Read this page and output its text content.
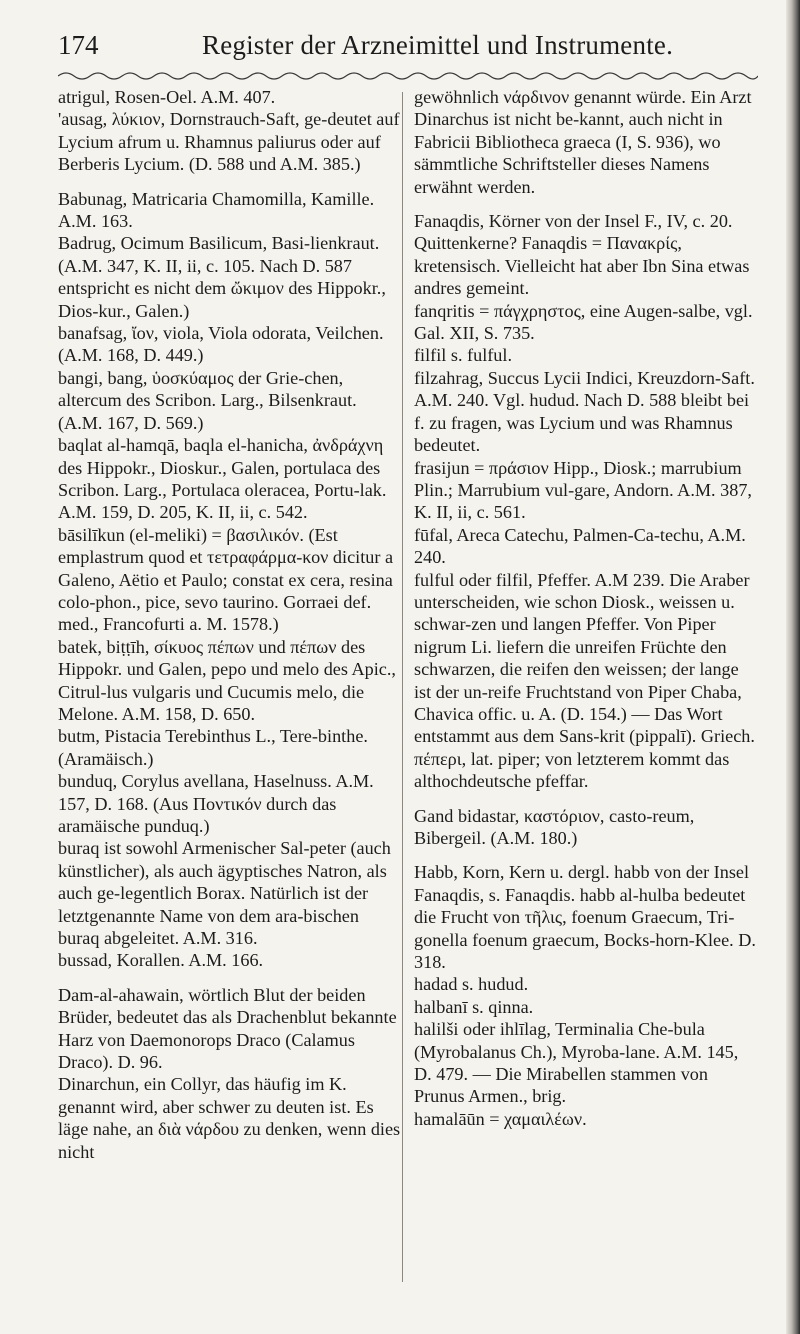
174	Register der Arzneimittel und Instrumente.

atrigul, Rosen-Oel. A.M. 407.

'ausag, λύκιον, Dornstrauch-Saft, ge-deutet auf Lycium afrum u. Rhamnus paliurus oder auf Berberis Lycium. (D. 588 und A.M. 385.)

Babunag, Matricaria Chamomilla, Kamille. A.M. 163.

Badrug, Ocimum Basilicum, Basi-lienkraut. (A.M. 347, K. II, ii, c. 105. Nach D. 587 entspricht es nicht dem ὤκιμον des Hippokr., Dios-kur., Galen.)

banafsag, ἴον, viola, Viola odorata, Veilchen. (A.M. 168, D. 449.)

bangi, bang, ὑοσκύαμος der Grie-chen, altercum des Scribon. Larg., Bilsenkraut. (A.M. 167, D. 569.)

baqlat al-hamqā, baqla el-hanicha, ἀνδράχνη des Hippokr., Dioskur., Galen, portulaca des Scribon. Larg., Portulaca oleracea, Portu-lak. A.M. 159, D. 205, K. II, ii, c. 542.

bāsilīkun (el-meliki) = βασιλικόν. (Est emplastrum quod et τετραφάρμα-κον dicitur a Galeno, Aëtio et Paulo; constat ex cera, resina colo-phon., pice, sevo taurino. Gorraei def. med., Francofurti a. M. 1578.)

batek, biṭṭīh, σίκυος πέπων und πέπων des Hippokr. und Galen, pepo und melo des Apic., Citrul-lus vulgaris und Cucumis melo, die Melone. A.M. 158, D. 650.

butm, Pistacia Terebinthus L., Tere-binthe. (Aramäisch.)

bunduq, Corylus avellana, Haselnuss. A.M. 157, D. 168. (Aus Ποντικόν durch das aramäische punduq.)

buraq ist sowohl Armenischer Sal-peter (auch künstlicher), als auch ägyptisches Natron, als auch ge-legentlich Borax. Natürlich ist der letztgenannte Name von dem ara-bischen buraq abgeleitet. A.M. 316.

bussad, Korallen. A.M. 166.

Dam-al-ahawain, wörtlich Blut der beiden Brüder, bedeutet das als Drachenblut bekannte Harz von Daemonorops Draco (Calamus Draco). D. 96.

Dinarchun, ein Collyr, das häufig im K. genannt wird, aber schwer zu deuten ist. Es läge nahe, an διὰ νάρδου zu denken, wenn dies nicht

gewöhnlich νάρδινον genannt würde. Ein Arzt Dinarchus ist nicht be-kannt, auch nicht in Fabricii Bibliotheca graeca (I, S. 936), wo sämmtliche Schriftsteller dieses Namens erwähnt werden.

Fanaqdis, Körner von der Insel F., IV, c. 20. Quittenkerne? Fanaqdis = Πανακρίς, kretensisch. Vielleicht hat aber Ibn Sina etwas andres gemeint.

fanqritis = πάγχρηστος, eine Augen-salbe, vgl. Gal. XII, S. 735.

filfil s. fulful.

filzahrag, Succus Lycii Indici, Kreuzdorn-Saft. A.M. 240. Vgl. hudud. Nach D. 588 bleibt bei f. zu fragen, was Lycium und was Rhamnus bedeutet.

frasijun = πράσιον Hipp., Diosk.; marrubium Plin.; Marrubium vul-gare, Andorn. A.M. 387, K. II, ii, c. 561.

fūfal, Areca Catechu, Palmen-Ca-techu, A.M. 240.

fulful oder filfil, Pfeffer. A.M 239. Die Araber unterscheiden, wie schon Diosk., weissen u. schwar-zen und langen Pfeffer. Von Piper nigrum Li. liefern die unreifen Früchte den schwarzen, die reifen den weissen; der lange ist der un-reife Fruchtstand von Piper Chaba, Chavica offic. u. A. (D. 154.) — Das Wort entstammt aus dem Sans-krit (pippalī). Griech. πέπερι, lat. piper; von letzterem kommt das althochdeutsche pfeffar.

Gand bidastar, καστόριον, casto-reum, Bibergeil. (A.M. 180.)

Habb, Korn, Kern u. dergl. habb von der Insel Fanaqdis, s. Fanaqdis. habb al-hulba bedeutet die Frucht von τῆλις, foenum Graecum, Tri-gonella foenum graecum, Bocks-horn-Klee. D. 318.

hadad s. hudud.

halbanī s. qinna.

halilši oder ihlīlag, Terminalia Che-bula (Myrobalanus Ch.), Myroba-lane. A.M. 145, D. 479. — Die Mirabellen stammen von Prunus Armen., brig.

hamalāūn = χαμαιλέων.
